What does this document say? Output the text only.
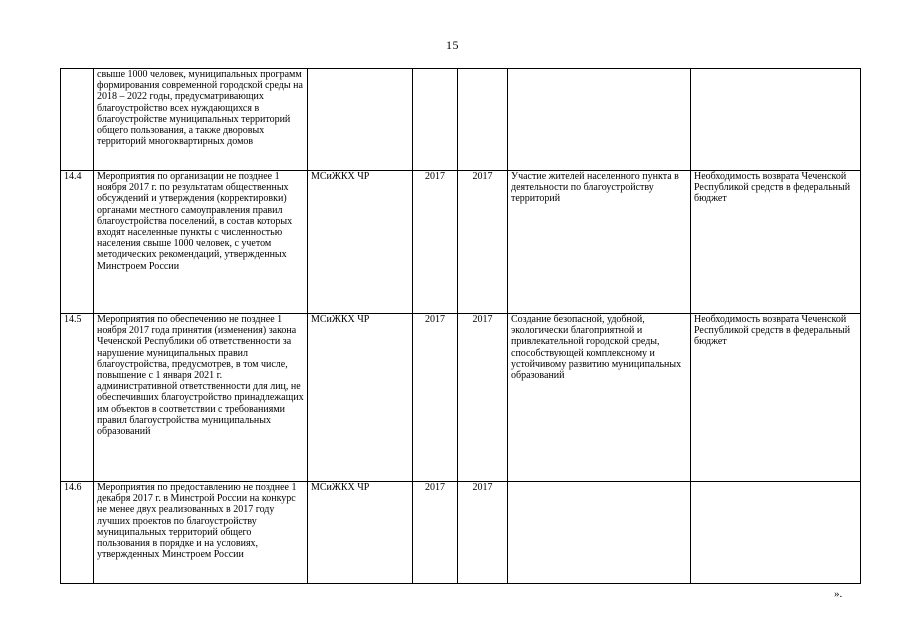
15
	свыше 1000 человек, муниципальных программ формирования современной городской среды на 2018 – 2022 годы, предусматривающих благоустройство всех нуждающихся в благоустройстве муниципальных территорий общего пользования, а также дворовых территорий многоквартирных домов					
14.4	Мероприятия по организации не позднее 1 ноября 2017 г. по результатам общественных обсуждений и утверждения (корректировки) органами местного самоуправления правил благоустройства поселений, в состав которых входят населенные пункты с численностью населения свыше 1000 человек, с учетом методических рекомендаций, утвержденных Минстроем России	МСиЖКХ ЧР	2017	2017	Участие жителей населенного пункта в деятельности по благоустройству территорий	Необходимость возврата Чеченской Республикой средств в федеральный бюджет
14.5	Мероприятия по обеспечению не позднее 1 ноября 2017 года принятия (изменения) закона Чеченской Республики об ответственности за нарушение муниципальных правил благоустройства, предусмотрев, в том числе, повышение с 1 января 2021 г. административной ответственности для лиц, не обеспечивших благоустройство принадлежащих им объектов в соответствии с требованиями правил благоустройства муниципальных образований	МСиЖКХ ЧР	2017	2017	Создание безопасной, удобной, экологически благоприятной и привлекательной городской среды, способствующей комплексному и устойчивому развитию муниципальных образований	Необходимость возврата Чеченской Республикой средств в федеральный бюджет
14.6	Мероприятия по предоставлению не позднее 1 декабря 2017 г. в Минстрой России на конкурс не менее двух реализованных в 2017 году лучших проектов по благоустройству муниципальных территорий общего пользования в порядке и на условиях, утвержденных Минстроем России	МСиЖКХ ЧР	2017	2017		
».
